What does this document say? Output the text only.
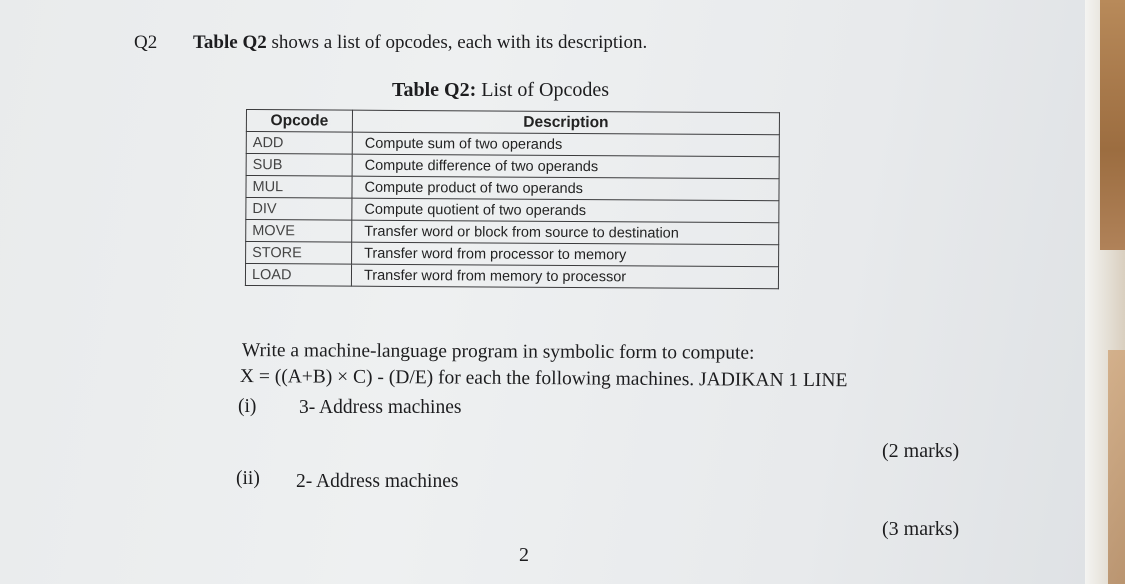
Q2 Table Q2 shows a list of opcodes, each with its description.
Table Q2: List of Opcodes
Opcode	Description
ADD	Compute sum of two operands
SUB	Compute difference of two operands
MUL	Compute product of two operands
DIV	Compute quotient of two operands
MOVE	Transfer word or block from source to destination
STORE	Transfer word from processor to memory
LOAD	Transfer word from memory to processor
Write a machine-language program in symbolic form to compute:
X = ((A+B) × C) - (D/E) for each the following machines. JADIKAN 1 LINE
(i) 3- Address machines
(2 marks)
(ii) 2- Address machines
(3 marks)
2
